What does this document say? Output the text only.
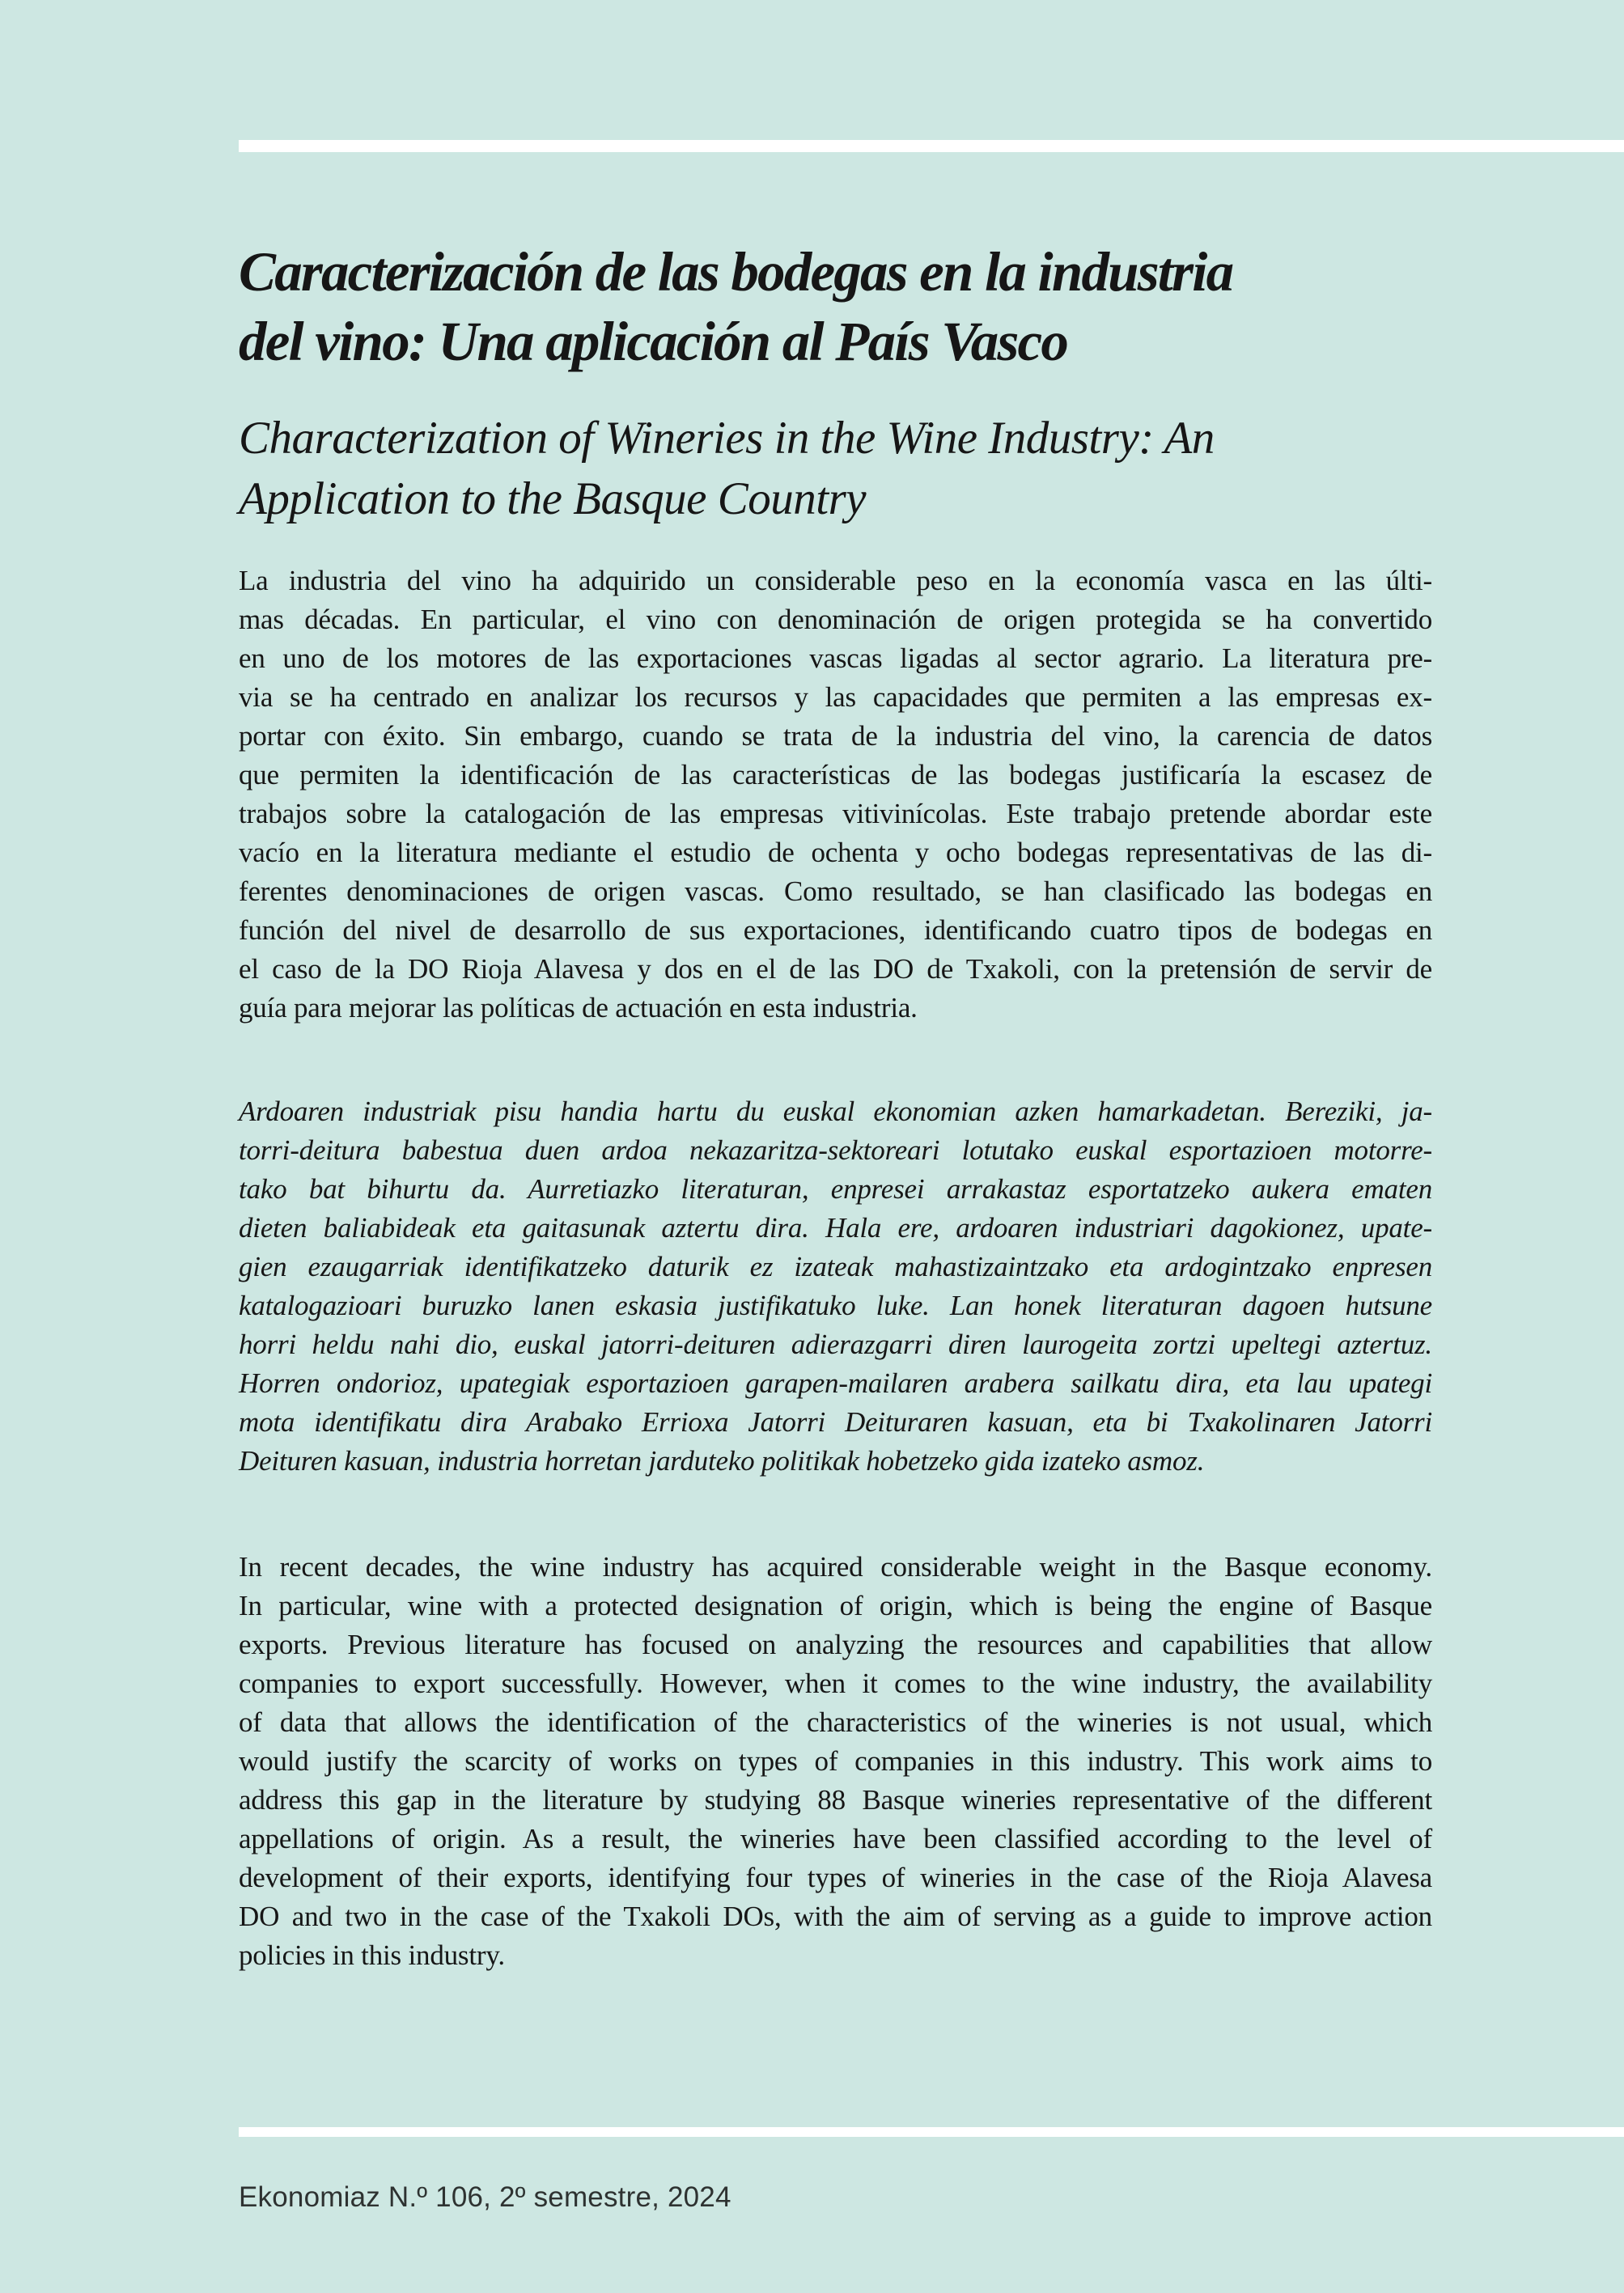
Caracterización de las bodegas en la industria
del vino: Una aplicación al País Vasco
Characterization of Wineries in the Wine Industry: An
Application to the Basque Country
La industria del vino ha adquirido un considerable peso en la economía vasca en las últi-
mas décadas. En particular, el vino con denominación de origen protegida se ha convertido
en uno de los motores de las exportaciones vascas ligadas al sector agrario. La literatura pre-
via se ha centrado en analizar los recursos y las capacidades que permiten a las empresas ex-
portar con éxito. Sin embargo, cuando se trata de la industria del vino, la carencia de datos
que permiten la identificación de las características de las bodegas justificaría la escasez de
trabajos sobre la catalogación de las empresas vitivinícolas. Este trabajo pretende abordar este
vacío en la literatura mediante el estudio de ochenta y ocho bodegas representativas de las di-
ferentes denominaciones de origen vascas. Como resultado, se han clasificado las bodegas en
función del nivel de desarrollo de sus exportaciones, identificando cuatro tipos de bodegas en
el caso de la DO Rioja Alavesa y dos en el de las DO de Txakoli, con la pretensión de servir de
guía para mejorar las políticas de actuación en esta industria.
Ardoaren industriak pisu handia hartu du euskal ekonomian azken hamarkadetan. Bereziki, ja-
torri-deitura babestua duen ardoa nekazaritza-sektoreari lotutako euskal esportazioen motorre-
tako bat bihurtu da. Aurretiazko literaturan, enpresei arrakastaz esportatzeko aukera ematen
dieten baliabideak eta gaitasunak aztertu dira. Hala ere, ardoaren industriari dagokionez, upate-
gien ezaugarriak identifikatzeko daturik ez izateak mahastizaintzako eta ardogintzako enpresen
katalogazioari buruzko lanen eskasia justifikatuko luke. Lan honek literaturan dagoen hutsune
horri heldu nahi dio, euskal jatorri-deituren adierazgarri diren laurogeita zortzi upeltegi aztertuz.
Horren ondorioz, upategiak esportazioen garapen-mailaren arabera sailkatu dira, eta lau upategi
mota identifikatu dira Arabako Errioxa Jatorri Deituraren kasuan, eta bi Txakolinaren Jatorri
Deituren kasuan, industria horretan jarduteko politikak hobetzeko gida izateko asmoz.
In recent decades, the wine industry has acquired considerable weight in the Basque economy.
In particular, wine with a protected designation of origin, which is being the engine of Basque
exports. Previous literature has focused on analyzing the resources and capabilities that allow
companies to export successfully. However, when it comes to the wine industry, the availability
of data that allows the identification of the characteristics of the wineries is not usual, which
would justify the scarcity of works on types of companies in this industry. This work aims to
address this gap in the literature by studying 88 Basque wineries representative of the different
appellations of origin. As a result, the wineries have been classified according to the level of
development of their exports, identifying four types of wineries in the case of the Rioja Alavesa
DO and two in the case of the Txakoli DOs, with the aim of serving as a guide to improve action
policies in this industry.
Ekonomiaz N.º 106, 2º semestre, 2024
